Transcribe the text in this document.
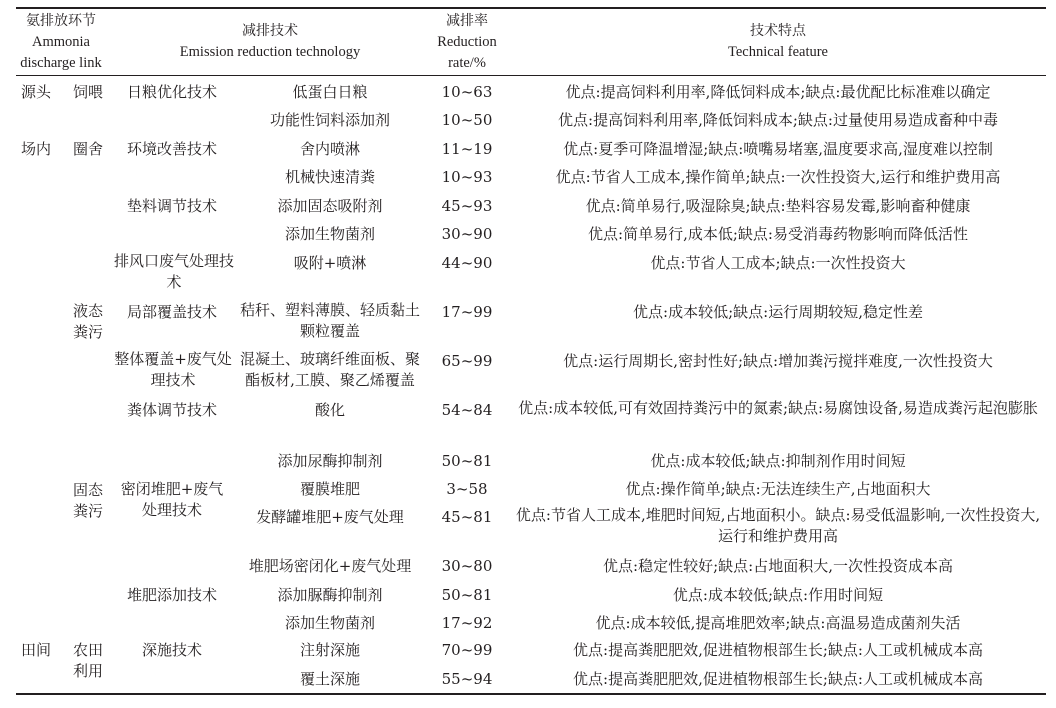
氨排放环节
Ammonia
discharge link
减排技术
Emission reduction technology
减排率
Reduction
rate/%
技术特点
Technical feature
源头
场内
田间
饲喂
圈舍
液态粪污
固态粪污
农田利用
日粮优化技术
环境改善技术
垫料调节技术
排风口废气处理技术
局部覆盖技术
整体覆盖+废气处理技术
粪体调节技术
密闭堆肥+废气处理技术
堆肥添加技术
深施技术
低蛋白日粮
功能性饲料添加剂
舍内喷淋
机械快速清粪
添加固态吸附剂
添加生物菌剂
吸附+喷淋
秸秆、塑料薄膜、轻质黏土颗粒覆盖
混凝土、玻璃纤维面板、聚酯板材,工膜、聚乙烯覆盖
酸化
添加尿酶抑制剂
覆膜堆肥
发酵罐堆肥+废气处理
堆肥场密闭化+废气处理
添加脲酶抑制剂
添加生物菌剂
注射深施
覆土深施
10~63
10~50
11~19
10~93
45~93
30~90
44~90
17~99
65~99
54~84
50~81
3~58
45~81
30~80
50~81
17~92
70~99
55~94
优点:提高饲料利用率,降低饲料成本;缺点:最优配比标准难以确定
优点:提高饲料利用率,降低饲料成本;缺点:过量使用易造成畜种中毒
优点:夏季可降温增湿;缺点:喷嘴易堵塞,温度要求高,湿度难以控制
优点:节省人工成本,操作简单;缺点:一次性投资大,运行和维护费用高
优点:简单易行,吸湿除臭;缺点:垫料容易发霉,影响畜种健康
优点:简单易行,成本低;缺点:易受消毒药物影响而降低活性
优点:节省人工成本;缺点:一次性投资大
优点:成本较低;缺点:运行周期较短,稳定性差
优点:运行周期长,密封性好;缺点:增加粪污搅拌难度,一次性投资大
优点:成本较低,可有效固持粪污中的氮素;缺点:易腐蚀设备,易造成粪污起泡膨胀
优点:成本较低;缺点:抑制剂作用时间短
优点:操作简单;缺点:无法连续生产,占地面积大
优点:节省人工成本,堆肥时间短,占地面积小。缺点:易受低温影响,一次性投资大,运行和维护费用高
优点:稳定性较好;缺点:占地面积大,一次性投资成本高
优点:成本较低;缺点:作用时间短
优点:成本较低,提高堆肥效率;缺点:高温易造成菌剂失活
优点:提高粪肥肥效,促进植物根部生长;缺点:人工或机械成本高
优点:提高粪肥肥效,促进植物根部生长;缺点:人工或机械成本高
